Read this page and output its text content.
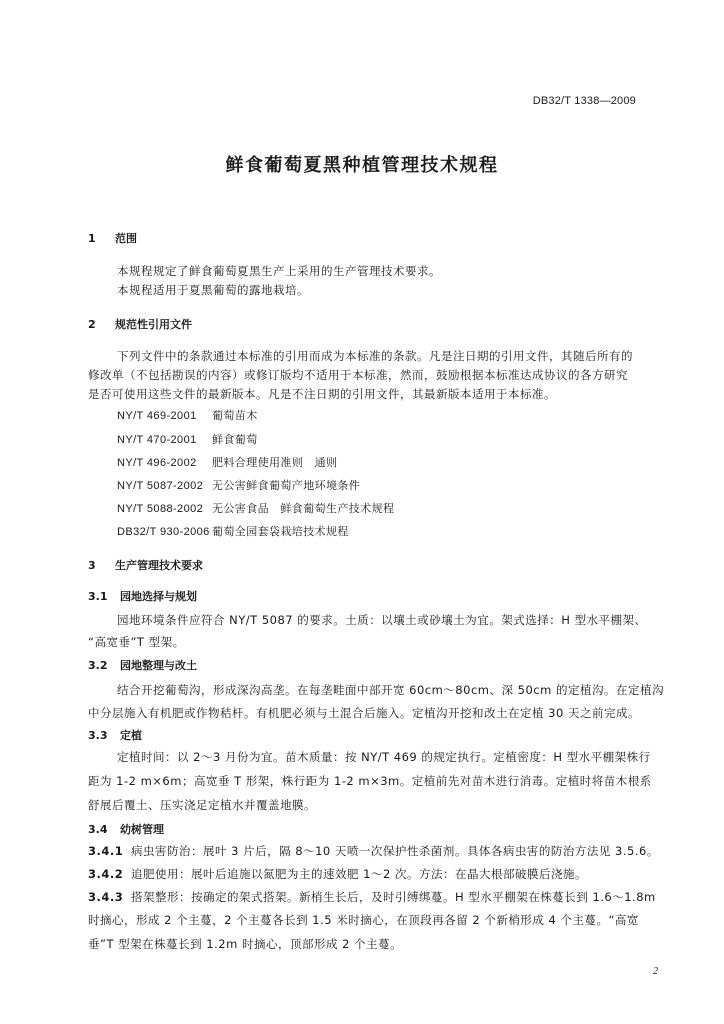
DB32/T 1338—2009
鲜食葡萄夏黑种植管理技术规程
1 范围
本规程规定了鲜食葡萄夏黑生产上采用的生产管理技术要求。
本规程适用于夏黑葡萄的露地栽培。
2 规范性引用文件
下列文件中的条款通过本标准的引用而成为本标准的条款。凡是注日期的引用文件，其随后所有的
修改单（不包括勘误的内容）或修订版均不适用于本标准，然而，鼓励根据本标准达成协议的各方研究
是否可使用这些文件的最新版本。凡是不注日期的引用文件，其最新版本适用于本标准。
NY/T 469-2001 葡萄苗木
NY/T 470-2001 鲜食葡萄
NY/T 496-2002 肥料合理使用准则　通则
NY/T 5087-2002 无公害鲜食葡萄产地环境条件
NY/T 5088-2002 无公害食品　鲜食葡萄生产技术规程
DB32/T 930-2006 葡萄全园套袋栽培技术规程
3 生产管理技术要求
3.1 园地选择与规划
园地环境条件应符合 NY/T 5087 的要求。土质：以壤土或砂壤土为宜。架式选择：H 型水平棚架、
“高宽垂”T 型架。
3.2 园地整理与改土
结合开挖葡萄沟，形成深沟高垄。在每垄畦面中部开宽 60cm～80cm、深 50cm 的定植沟。在定植沟
中分层施入有机肥或作物秸杆。有机肥必须与土混合后施入。定植沟开挖和改土在定植 30 天之前完成。
3.3 定植
定植时间：以 2～3 月份为宜。苗木质量：按 NY/T 469 的规定执行。定植密度：H 型水平棚架株行
距为 1-2 m×6m；高宽垂 T 形架，株行距为 1-2 m×3m。定植前先对苗木进行消毒。定植时将苗木根系
舒展后覆土、压实浇足定植水并覆盖地膜。
3.4 幼树管理
3.4.1 病虫害防治：展叶 3 片后，隔 8～10 天喷一次保护性杀菌剂。具体各病虫害的防治方法见 3.5.6。
3.4.2 追肥使用：展叶后追施以氮肥为主的速效肥 1～2 次。方法：在晶大根部破膜后浇施。
3.4.3 搭架整形：按确定的架式搭架。新梢生长后，及时引缚绑蔓。H 型水平棚架在株蔓长到 1.6～1.8m
时摘心，形成 2 个主蔓，2 个主蔓各长到 1.5 米时摘心，在顶段再各留 2 个新梢形成 4 个主蔓。“高宽
垂”T 型架在株蔓长到 1.2m 时摘心，顶部形成 2 个主蔓。
2
